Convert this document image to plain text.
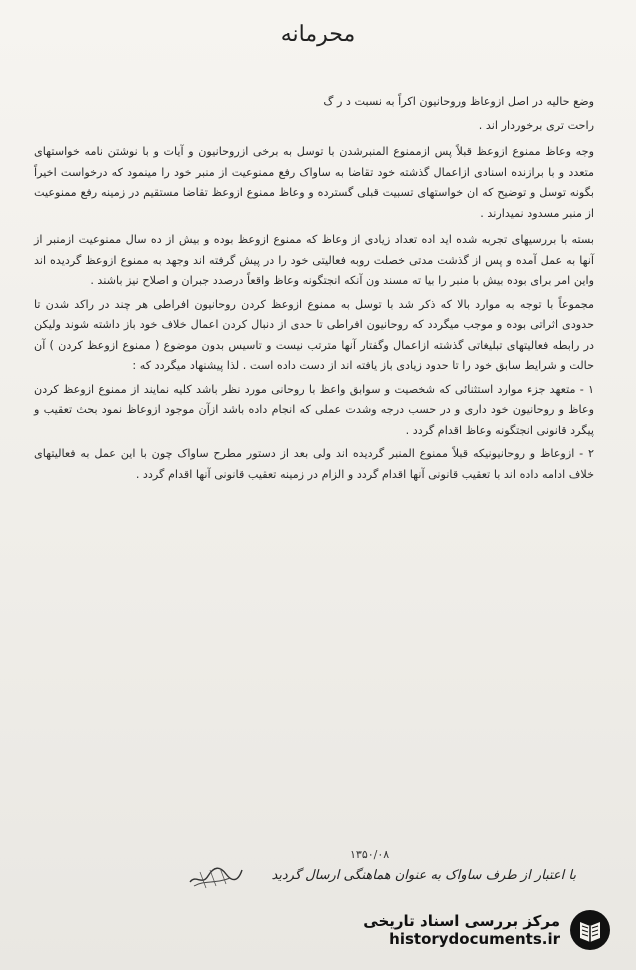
محرمانه

وضع حالیه در اصل ازوعاظ وروحانیون اکراً به نسبت د ر گ

راحت تری برخوردار اند .

وجه وعاظ ممنوع ازوعظ قبلاً پس ازممنوع المنبرشدن با توسل به برخی ازروحانیون و آیات و با نوشتن نامه خواستهای متعدد و با برازنده اسنادی ازاعمال گذشته خود تقاضا به ساواک رفع ممنوعیت از منبر خود را مینمود که درخواست اخیراً بگونه توسل و توضیح که ان خواستهای تسبیت قبلی گسترده و وعاظ ممنوع ازوعظ تقاضا مستقیم در زمینه رفع ممنوعیت از منبر مسدود نمیدارند .

بسته با بررسیهای تجربه شده اید اده تعداد زیادی از وعاظ که ممنوع ازوعظ بوده و بیش از ده سال ممنوعیت ازمنبر از آنها به عمل آمده و پس از گذشت مدتی خصلت روبه فعالیتی خود را در پیش گرفته اند وجهد به ممنوع ازوعظ گردیده اند واین امر برای بوده بیش با منبر را بیا ته مسند ون آنکه انجتگونه وعاظ واقعاً درصدد جبران و اصلاح نیز باشند .

مجموعاً با توجه به موارد بالا که ذکر شد با توسل به ممنوع ازوعظ کردن روحانیون افراطی هر چند در راکد شدن تا حدودی اثراتی بوده و موجب میگردد که روحانیون افراطی تا حدی از دنبال کردن اعمال خلاف خود باز داشته شوند ولیکن در رابطه فعالیتهای تبلیغاتی گذشته ازاعمال وگفتار آنها مترتب نیست و تاسیس بدون موضوع ( ممنوع ازوعظ کردن ) آن حالت و شرایط سابق خود را تا حدود زیادی باز یافته اند از دست داده است . لذا پیشنهاد میگردد که :

۱ - متعهد جزء موارد استثنائی که شخصیت و سوابق واعظ با روحانی مورد نظر باشد کلیه نمایند از ممنوع ازوعظ کردن وعاظ و روحانیون خود داری و در حسب درجه وشدت عملی که انجام داده باشد ازآن موجود ازوعاظ نمود بحث تعقیب و پیگرد قانونی انجتگونه وعاظ اقدام گردد .

۲ - ازوعاظ و روحانیونیکه قبلاً ممنوع المنبر گردیده اند ولی بعد از دستور مطرح ساواک چون با این عمل به فعالیتهای خلاف ادامه داده اند با تعقیب قانونی آنها اقدام گردد و الزام در زمینه تعقیب قانونی آنها اقدام گردد .

۱۳۵۰/۰۸
با اعتبار از طرف ساواک به عنوان هماهنگی ارسال گردید
مرکز بررسی اسناد تاریخی
historydocuments.ir
